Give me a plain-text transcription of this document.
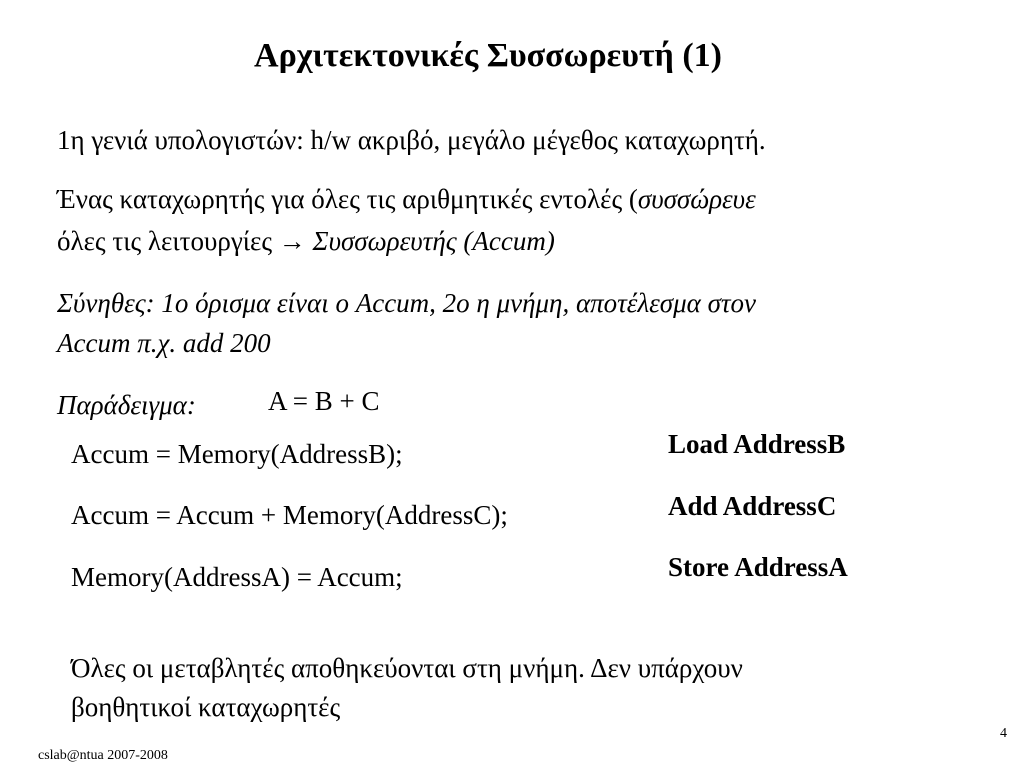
Αρχιτεκτονικές Συσσωρευτή (1)
1η γενιά υπολογιστών: h/w ακριβό, μεγάλο μέγεθος καταχωρητή.
Ένας καταχωρητής για όλες τις αριθμητικές εντολές (συσσώρευε
όλες τις λειτουργίες → Συσσωρευτής (Accum)
Σύνηθες: 1ο όρισμα είναι ο Accum, 2ο η μνήμη, αποτέλεσμα στον
Accum π.χ. add 200
Παράδειγμα:	A = B + C
Accum = Memory(AddressB);
Accum = Accum + Memory(AddressC);
Memory(AddressA) = Accum;
Load AddressB
Add AddressC
Store AddressA
Όλες οι μεταβλητές αποθηκεύονται στη μνήμη. Δεν υπάρχουν
βοηθητικοί καταχωρητές
cslab@ntua 2007-2008
4
